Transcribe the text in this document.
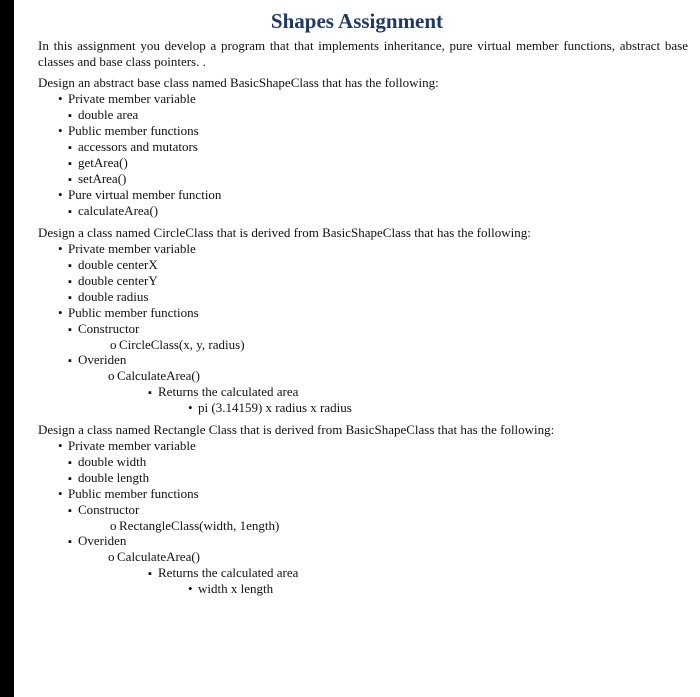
Shapes Assignment
In this assignment you develop a program that that implements inheritance, pure virtual member functions, abstract base classes and base class pointers. .
Design an abstract base class named BasicShapeClass that has the following:
• Private member variable
▪ double area
• Public member functions
▪ accessors and mutators
▪ getArea()
▪ setArea()
• Pure virtual member function
▪ calculateArea()
Design a class named CircleClass that is derived from BasicShapeClass that has the following:
• Private member variable
▪ double centerX
▪ double centerY
▪ double radius
• Public member functions
▪ Constructor
o CircleClass(x, y, radius)
▪ Overiden
o CalculateArea()
▪ Returns the calculated area
• pi (3.14159) x radius x radius
Design a class named Rectangle Class that is derived from BasicShapeClass that has the following:
• Private member variable
▪ double width
▪ double length
• Public member functions
▪ Constructor
o RectangleClass(width, 1ength)
▪ Overiden
o CalculateArea()
▪ Returns the calculated area
• width x length
